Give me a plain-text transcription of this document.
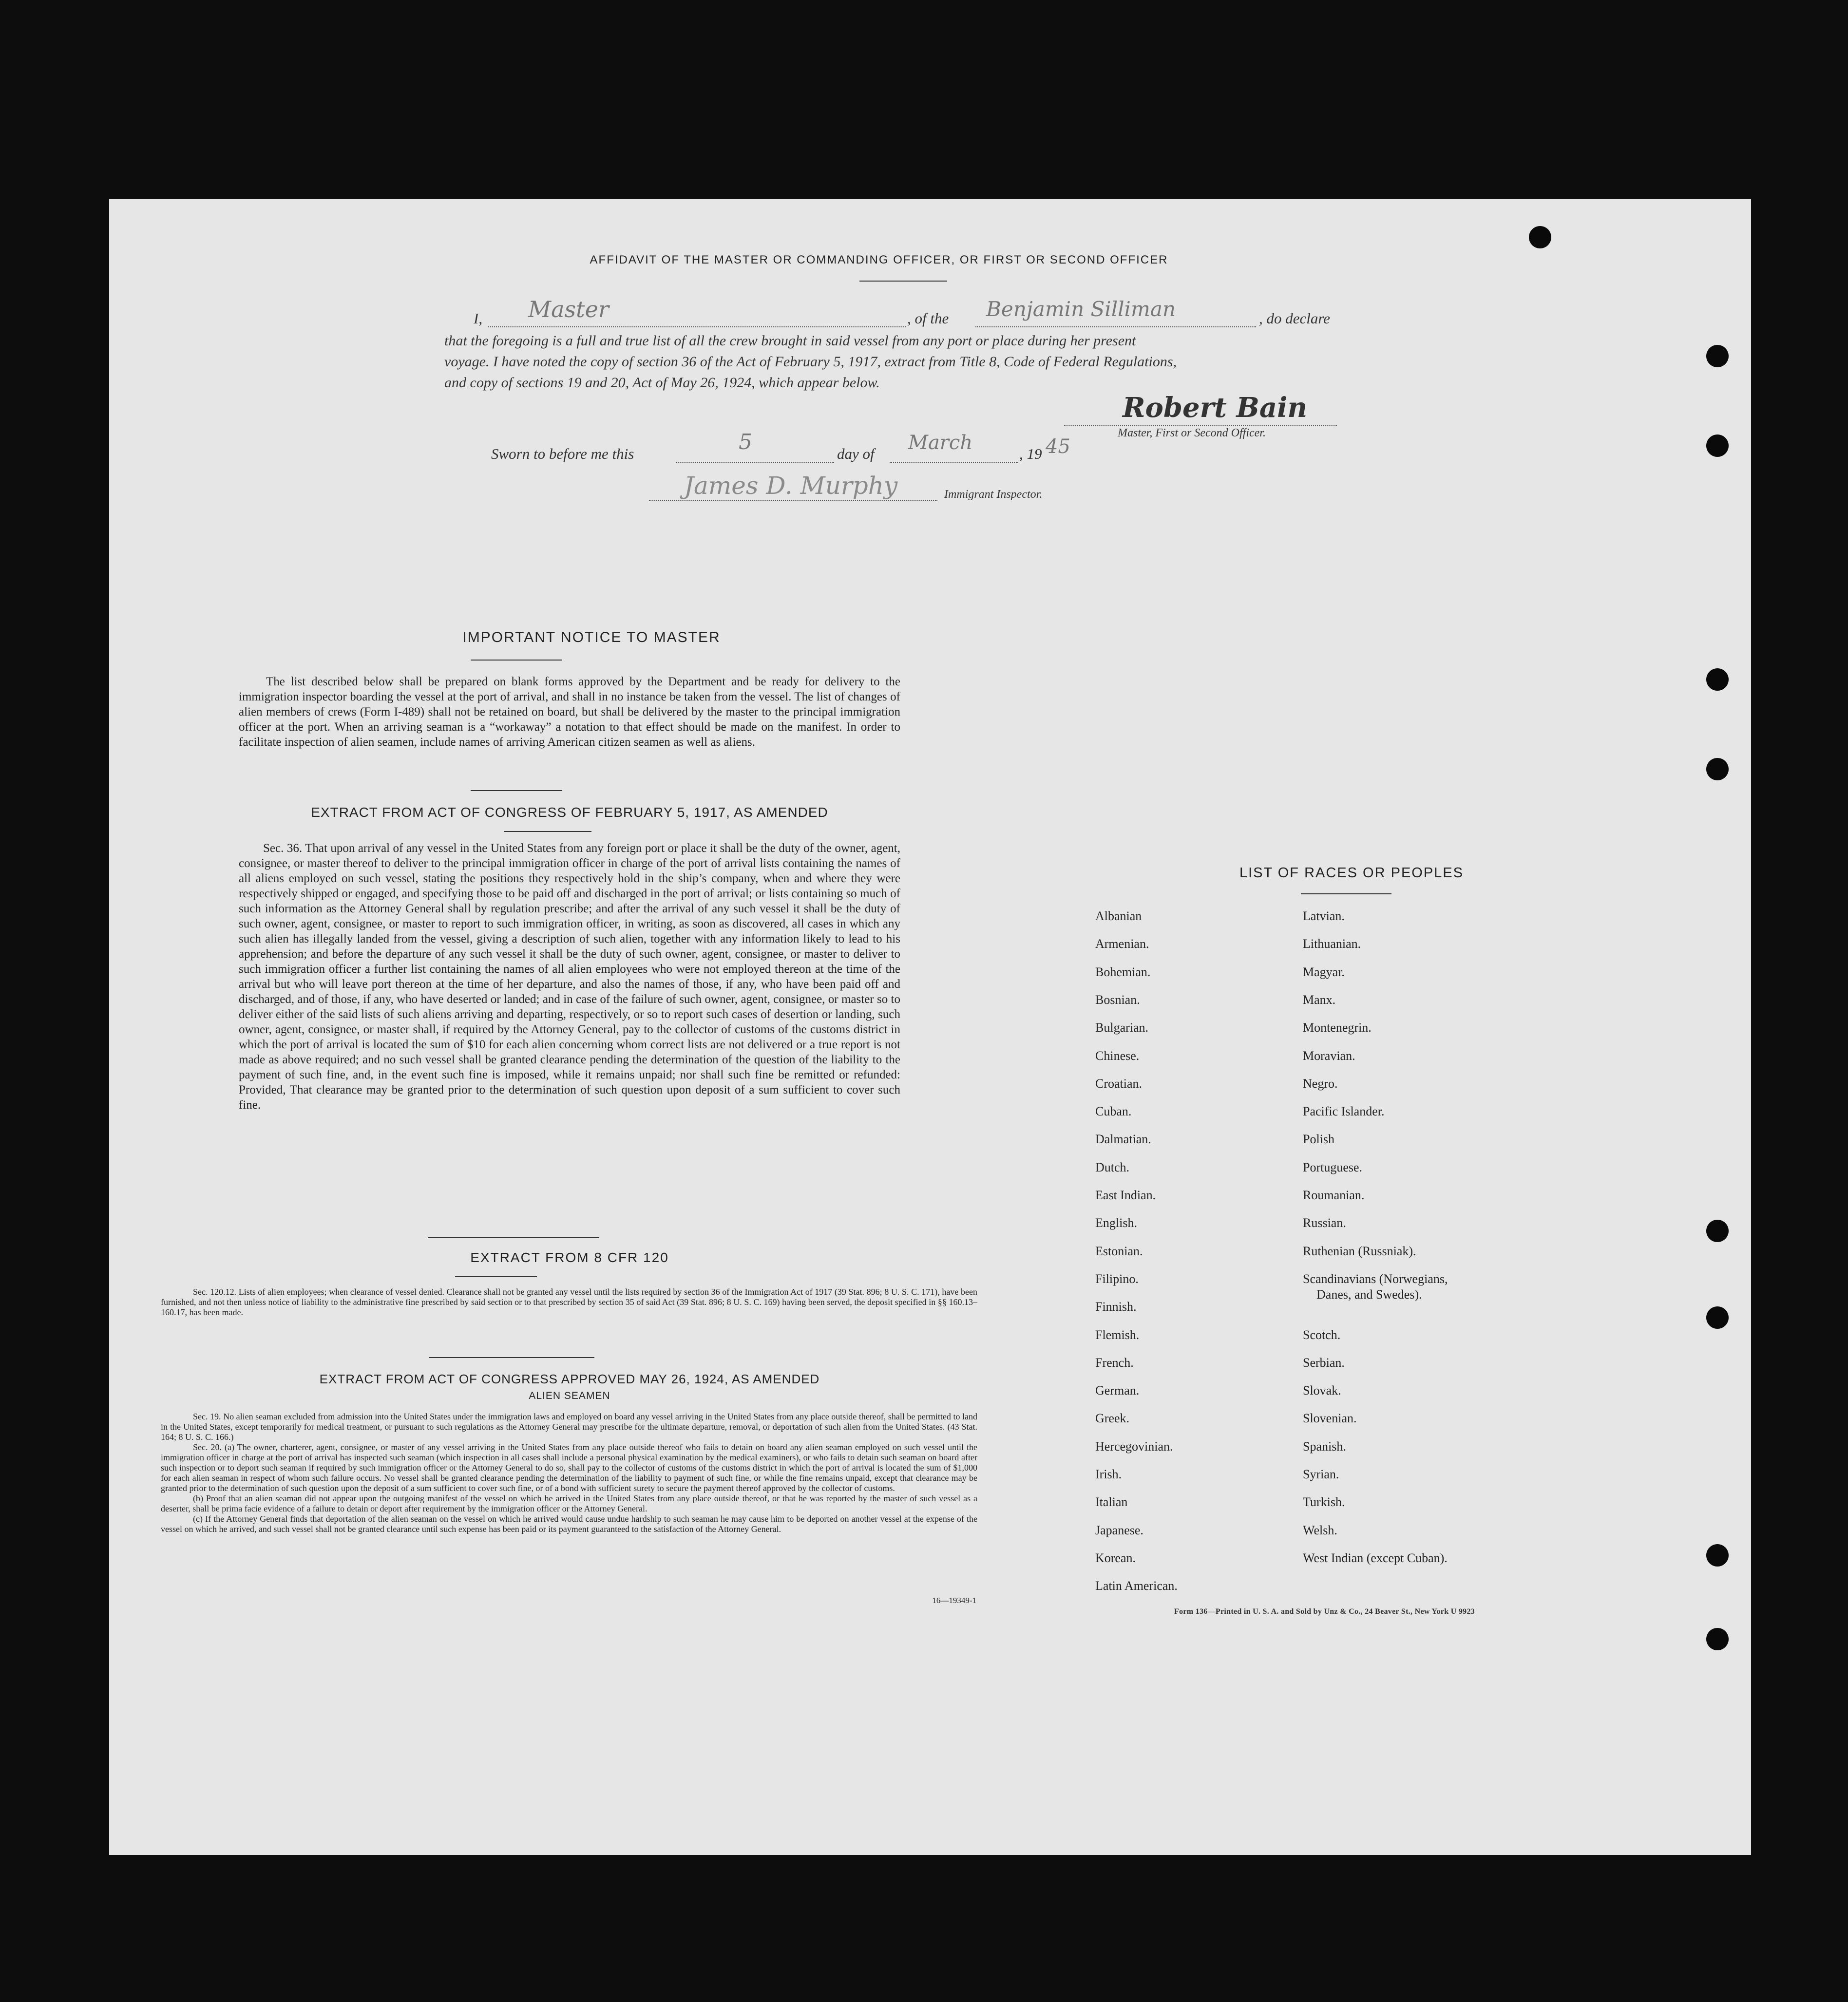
AFFIDAVIT OF THE MASTER OR COMMANDING OFFICER, OR FIRST OR SECOND OFFICER
I, Master	, of the Benjamin Silliman	, do declare
that the foregoing is a full and true list of all the crew brought in said vessel from any port or place during her present
voyage. I have noted the copy of section 36 of the Act of February 5, 1917, extract from Title 8, Code of Federal Regulations,
and copy of sections 19 and 20, Act of May 26, 1924, which appear below.
Robert Bain
Master, First or Second Officer.
Sworn to before me this	5	day of March	, 19 45
James D. Murphy	Immigrant Inspector.
IMPORTANT NOTICE TO MASTER
The list described below shall be prepared on blank forms approved by the Department and be ready for delivery to the immigration inspector boarding the vessel at the port of arrival, and shall in no instance be taken from the vessel. The list of changes of alien members of crews (Form I-489) shall not be retained on board, but shall be delivered by the master to the principal immigration officer at the port. When an arriving seaman is a “workaway” a notation to that effect should be made on the manifest. In order to facilitate inspection of alien seamen, include names of arriving American citizen seamen as well as aliens.
EXTRACT FROM ACT OF CONGRESS OF FEBRUARY 5, 1917, AS AMENDED
Sec. 36. That upon arrival of any vessel in the United States from any foreign port or place it shall be the duty of the owner, agent, consignee, or master thereof to deliver to the principal immigration officer in charge of the port of arrival lists containing the names of all aliens employed on such vessel, stating the positions they respectively hold in the ship’s company, when and where they were respectively shipped or engaged, and specifying those to be paid off and discharged in the port of arrival; or lists containing so much of such information as the Attorney General shall by regulation prescribe; and after the arrival of any such vessel it shall be the duty of such owner, agent, consignee, or master to report to such immigration officer, in writing, as soon as discovered, all cases in which any such alien has illegally landed from the vessel, giving a description of such alien, together with any information likely to lead to his apprehension; and before the departure of any such vessel it shall be the duty of such owner, agent, consignee, or master to deliver to such immigration officer a further list containing the names of all alien employees who were not employed thereon at the time of the arrival but who will leave port thereon at the time of her departure, and also the names of those, if any, who have been paid off and discharged, and of those, if any, who have deserted or landed; and in case of the failure of such owner, agent, consignee, or master so to deliver either of the said lists of such aliens arriving and departing, respectively, or so to report such cases of desertion or landing, such owner, agent, consignee, or master shall, if required by the Attorney General, pay to the collector of customs of the customs district in which the port of arrival is located the sum of $10 for each alien concerning whom correct lists are not delivered or a true report is not made as above required; and no such vessel shall be granted clearance pending the determination of the question of the liability to the payment of such fine, and, in the event such fine is imposed, while it remains unpaid; nor shall such fine be remitted or refunded: Provided, That clearance may be granted prior to the determination of such question upon deposit of a sum sufficient to cover such fine.
EXTRACT FROM 8 CFR 120
Sec. 120.12. Lists of alien employees; when clearance of vessel denied. Clearance shall not be granted any vessel until the lists required by section 36 of the Immigration Act of 1917 (39 Stat. 896; 8 U. S. C. 171), have been furnished, and not then unless notice of liability to the administrative fine prescribed by said section or to that prescribed by section 35 of said Act (39 Stat. 896; 8 U. S. C. 169) having been served, the deposit specified in §§ 160.13–160.17, has been made.
EXTRACT FROM ACT OF CONGRESS APPROVED MAY 26, 1924, AS AMENDED
ALIEN SEAMEN
Sec. 19. No alien seaman excluded from admission into the United States under the immigration laws and employed on board any vessel arriving in the United States from any place outside thereof, shall be permitted to land in the United States, except temporarily for medical treatment, or pursuant to such regulations as the Attorney General may prescribe for the ultimate departure, removal, or deportation of such alien from the United States. (43 Stat. 164; 8 U. S. C. 166.)
Sec. 20. (a) The owner, charterer, agent, consignee, or master of any vessel arriving in the United States from any place outside thereof who fails to detain on board any alien seaman employed on such vessel until the immigration officer in charge at the port of arrival has inspected such seaman (which inspection in all cases shall include a personal physical examination by the medical examiners), or who fails to detain such seaman on board after such inspection or to deport such seaman if required by such immigration officer or the Attorney General to do so, shall pay to the collector of customs of the customs district in which the port of arrival is located the sum of $1,000 for each alien seaman in respect of whom such failure occurs. No vessel shall be granted clearance pending the determination of the liability to payment of such fine, or while the fine remains unpaid, except that clearance may be granted prior to the determination of such question upon the deposit of a sum sufficient to cover such fine, or of a bond with sufficient surety to secure the payment thereof approved by the collector of customs.
(b) Proof that an alien seaman did not appear upon the outgoing manifest of the vessel on which he arrived in the United States from any place outside thereof, or that he was reported by the master of such vessel as a deserter, shall be prima facie evidence of a failure to detain or deport after requirement by the immigration officer or the Attorney General.
(c) If the Attorney General finds that deportation of the alien seaman on the vessel on which he arrived would cause undue hardship to such seaman he may cause him to be deported on another vessel at the expense of the vessel on which he arrived, and such vessel shall not be granted clearance until such expense has been paid or its payment guaranteed to the satisfaction of the Attorney General.
16—19349-1
LIST OF RACES OR PEOPLES
Albanian
Armenian.
Bohemian.
Bosnian.
Bulgarian.
Chinese.
Croatian.
Cuban.
Dalmatian.
Dutch.
East Indian.
English.
Estonian.
Filipino.
Finnish.
Flemish.
French.
German.
Greek.
Hercegovinian.
Irish.
Italian
Japanese.
Korean.
Latin American.
Latvian.
Lithuanian.
Magyar.
Manx.
Montenegrin.
Moravian.
Negro.
Pacific Islander.
Polish
Portuguese.
Roumanian.
Russian.
Ruthenian (Russniak).
Scandinavians (Norwegians,
Danes, and Swedes).
Scotch.
Serbian.
Slovak.
Slovenian.
Spanish.
Syrian.
Turkish.
Welsh.
West Indian (except Cuban).
Form 136—Printed in U. S. A. and Sold by Unz & Co., 24 Beaver St., New York U 9923
